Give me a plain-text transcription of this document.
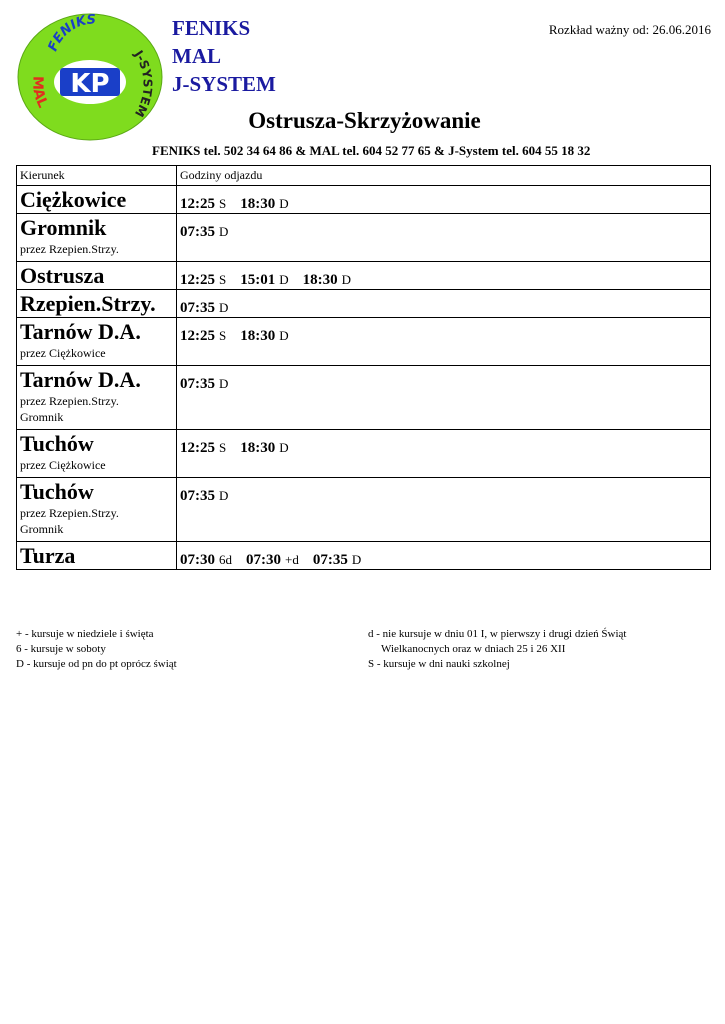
KP
FENIKS
J-SYSTEM
MAL
FENIKS
MAL
J-SYSTEM
Rozkład ważny od: 26.06.2016
Ostrusza-Skrzyżowanie
FENIKS tel. 502 34 64 86 & MAL tel. 604 52 77 65 & J-System tel. 604 55 18 32
Kierunek	Godziny odjazdu

Ciężkowice	12:25 S 18:30 D

Gromnik
przez Rzepien.Strzy.	07:35 D

Ostrusza	12:25 S 15:01 D 18:30 D

Rzepien.Strzy.	07:35 D

Tarnów D.A.
przez Ciężkowice	12:25 S 18:30 D

Tarnów D.A.
przez Rzepien.Strzy.
Gromnik	07:35 D

Tuchów
przez Ciężkowice	12:25 S 18:30 D

Tuchów
przez Rzepien.Strzy.
Gromnik	07:35 D

Turza	07:30 6d 07:30 +d 07:35 D
+ - kursuje w niedziele i święta
6 - kursuje w soboty
D - kursuje od pn do pt oprócz świąt
d - nie kursuje w dniu 01 I, w pierwszy i drugi dzień Świąt
Wielkanocnych oraz w dniach 25 i 26 XII
S - kursuje w dni nauki szkolnej
